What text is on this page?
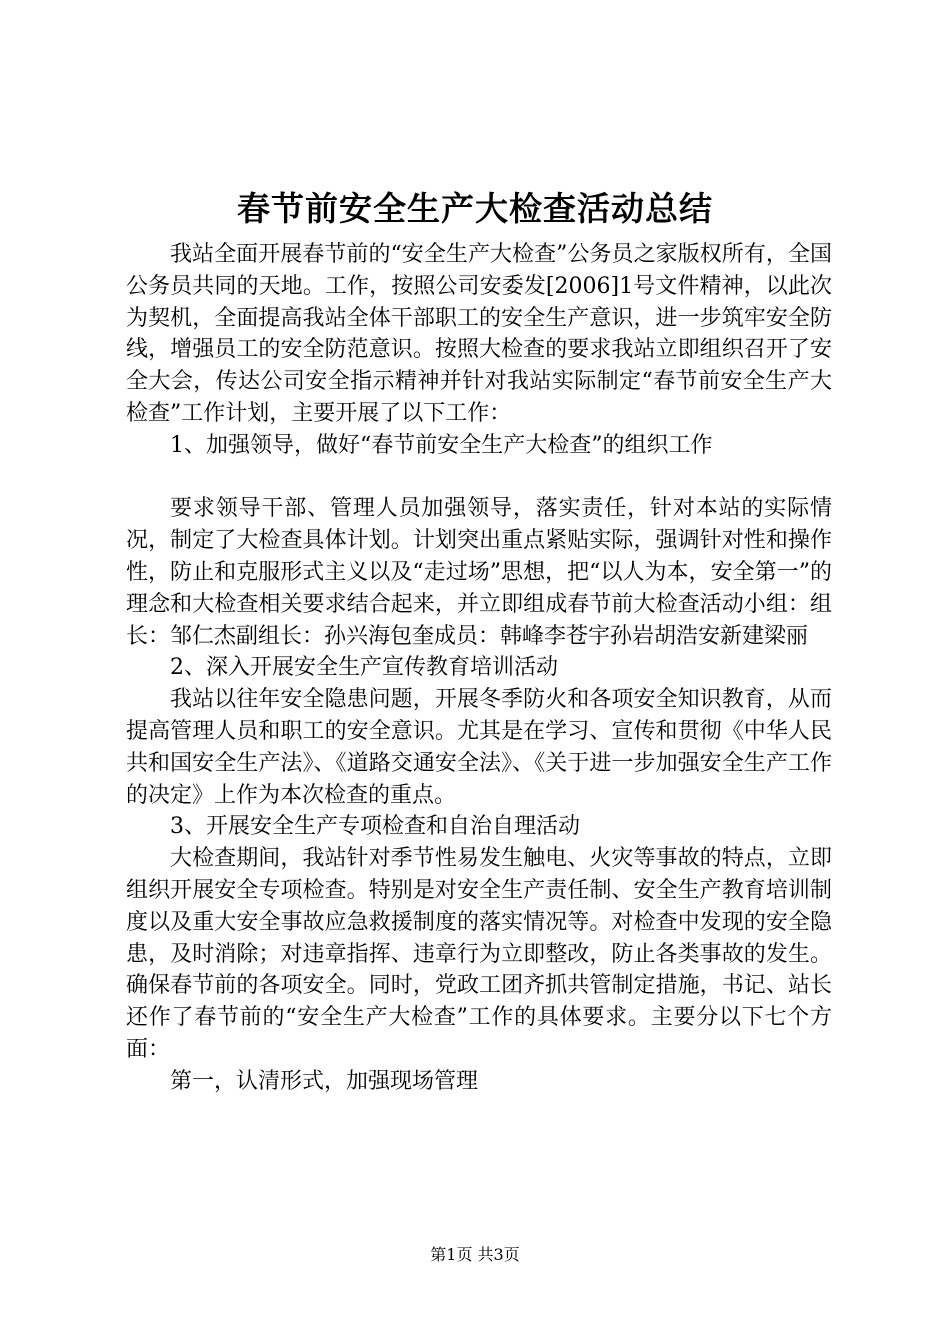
春节前安全生产大检查活动总结

我站全面开展春节前的“安全生产大检查”公务员之家版权所有，全国公务员共同的天地。工作，按照公司安委发[2006]1号文件精神，以此次为契机，全面提高我站全体干部职工的安全生产意识，进一步筑牢安全防线，增强员工的安全防范意识。按照大检查的要求我站立即组织召开了安全大会，传达公司安全指示精神并针对我站实际制定“春节前安全生产大检查”工作计划，主要开展了以下工作：

1、加强领导，做好“春节前安全生产大检查”的组织工作

要求领导干部、管理人员加强领导，落实责任，针对本站的实际情况，制定了大检查具体计划。计划突出重点紧贴实际，强调针对性和操作性，防止和克服形式主义以及“走过场”思想，把“以人为本，安全第一”的理念和大检查相关要求结合起来，并立即组成春节前大检查活动小组：组长：邹仁杰副组长：孙兴海包奎成员：韩峰李苍宇孙岩胡浩安新建梁丽

2、深入开展安全生产宣传教育培训活动

我站以往年安全隐患问题，开展冬季防火和各项安全知识教育，从而提高管理人员和职工的安全意识。尤其是在学习、宣传和贯彻《中华人民共和国安全生产法》、《道路交通安全法》、《关于进一步加强安全生产工作的决定》上作为本次检查的重点。

3、开展安全生产专项检查和自治自理活动

大检查期间，我站针对季节性易发生触电、火灾等事故的特点，立即组织开展安全专项检查。特别是对安全生产责任制、安全生产教育培训制度以及重大安全事故应急救援制度的落实情况等。对检查中发现的安全隐患，及时消除；对违章指挥、违章行为立即整改，防止各类事故的发生。确保春节前的各项安全。同时，党政工团齐抓共管制定措施，书记、站长还作了春节前的“安全生产大检查”工作的具体要求。主要分以下七个方面：

第一，认清形式，加强现场管理

第1页 共3页
